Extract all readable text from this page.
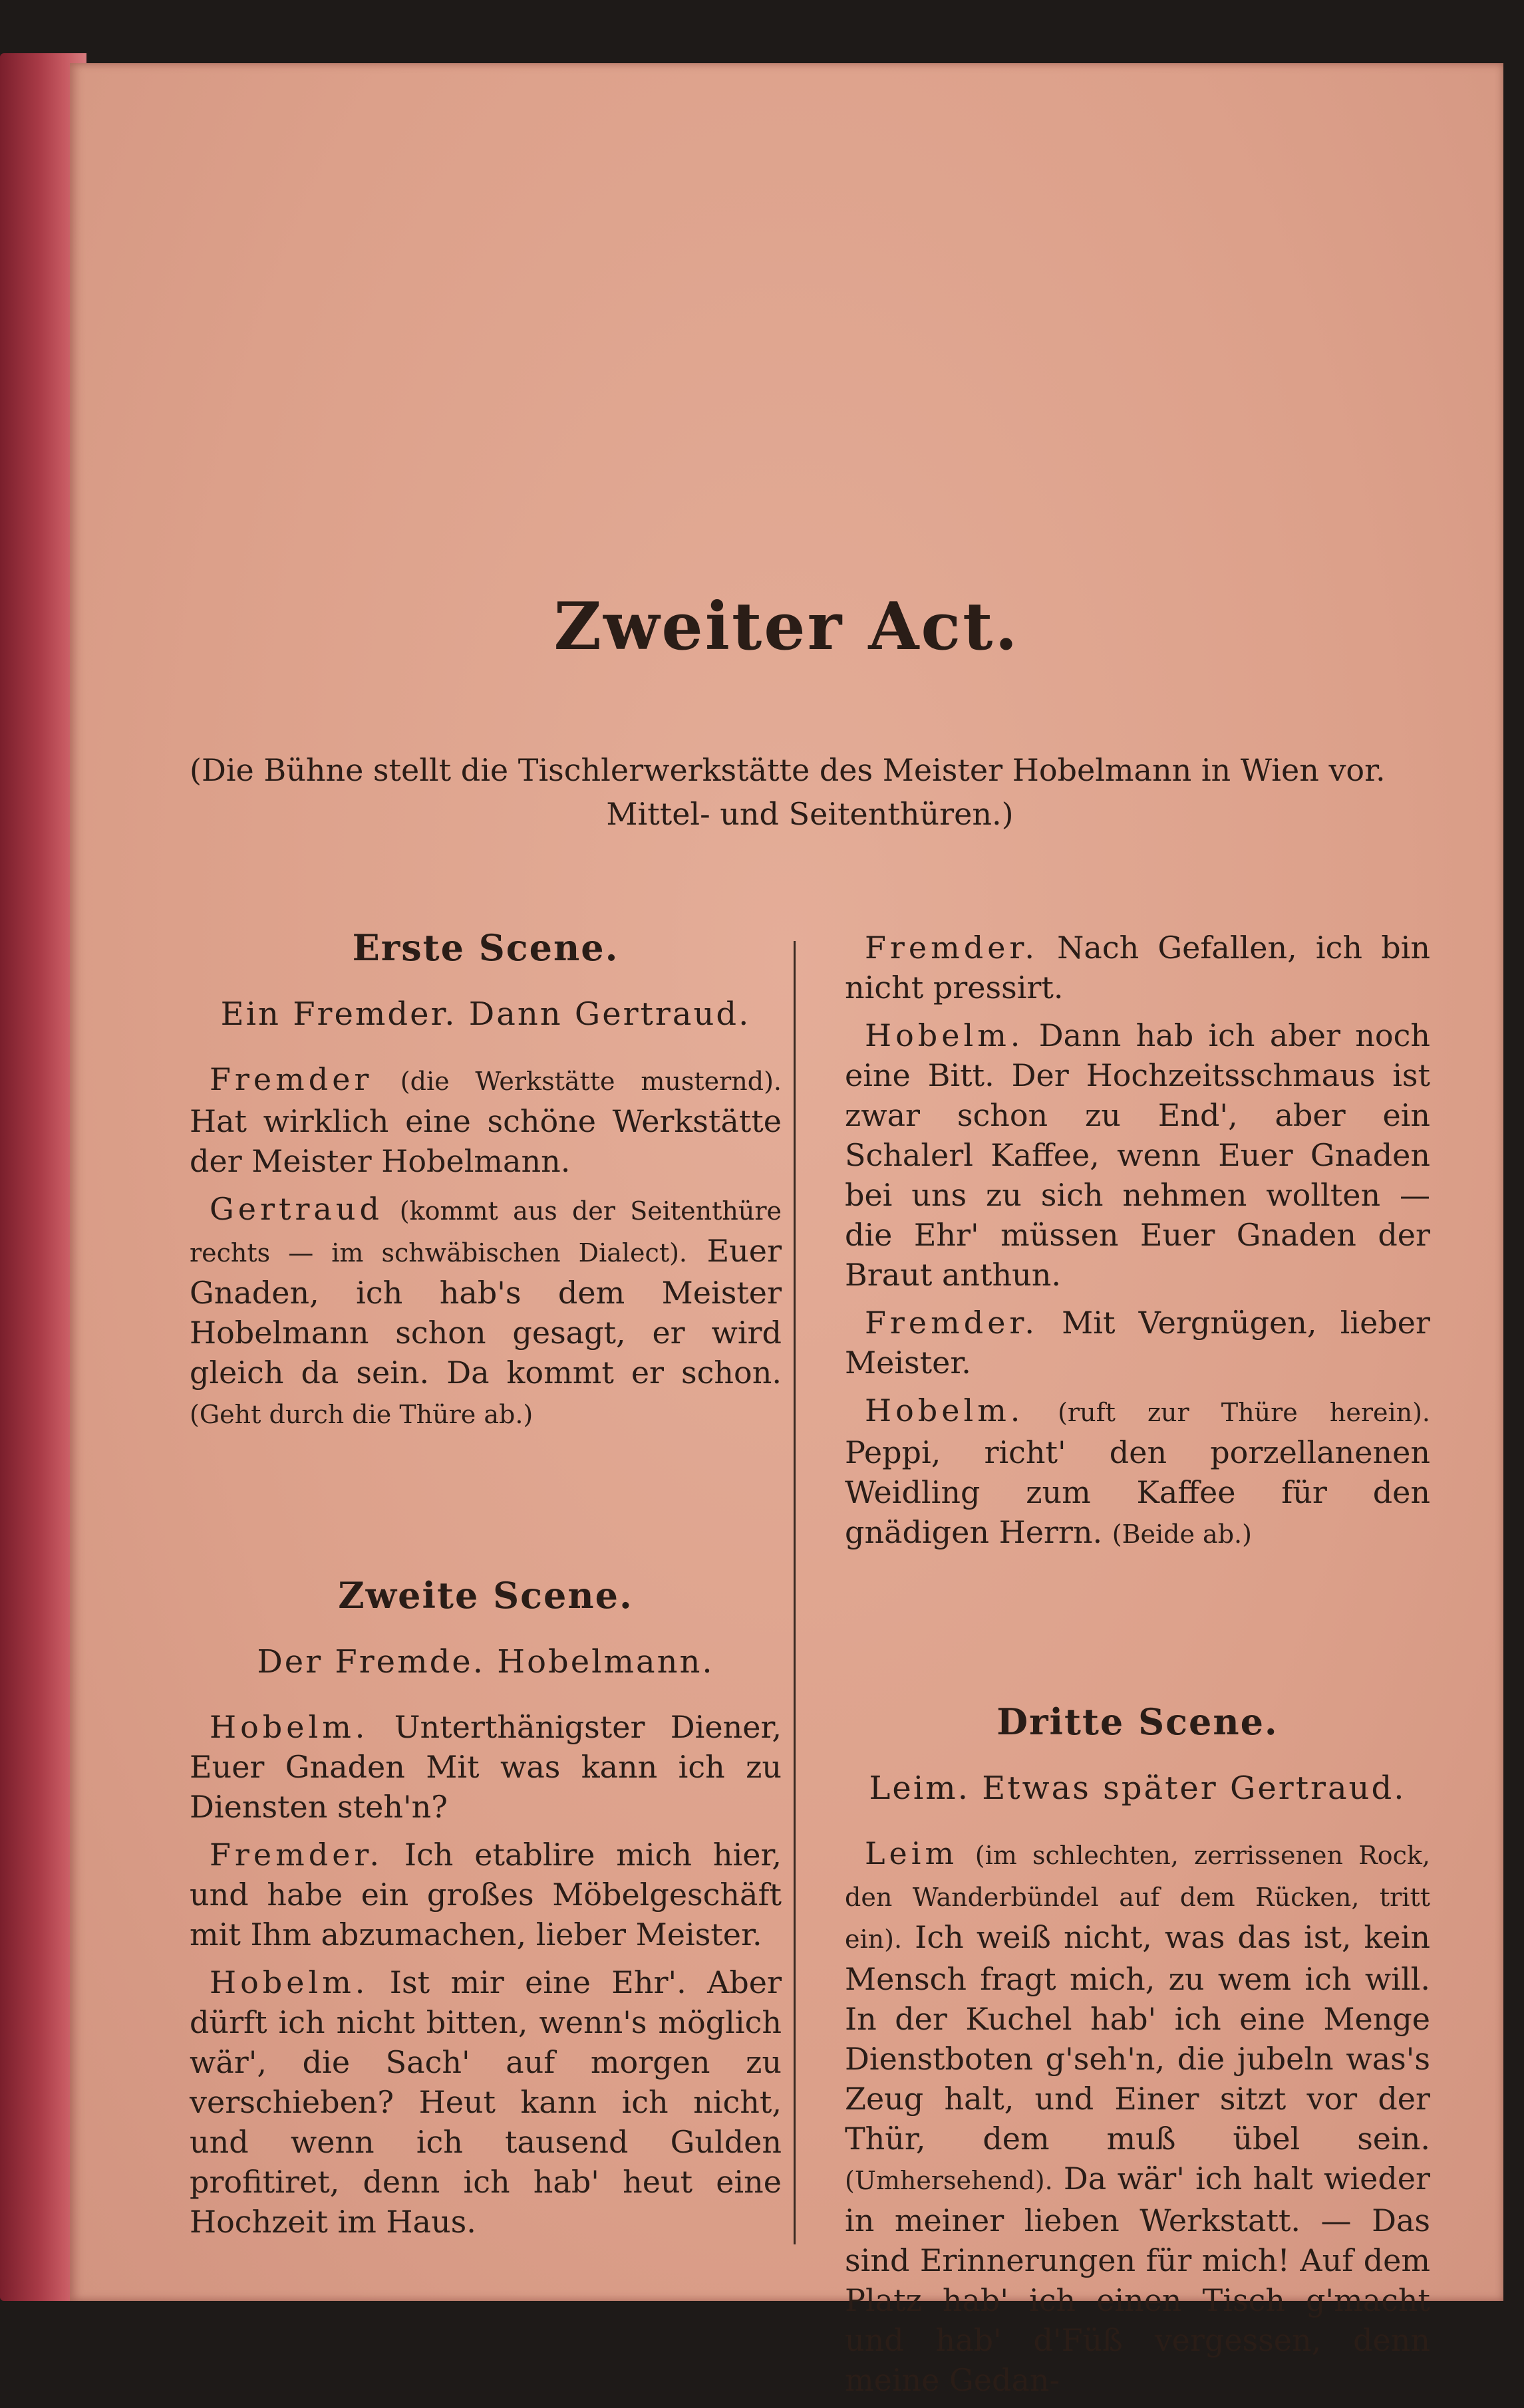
Zweiter Act.
(Die Bühne stellt die Tischlerwerkstätte des Meister Hobelmann in Wien vor.
Mittel- und Seitenthüren.)
Erste Scene.
Ein Fremder. Dann Gertraud.

Fremder (die Werkstätte musternd). Hat wirklich eine schöne Werkstätte der Meister Hobelmann.

Gertraud (kommt aus der Seitenthüre rechts — im schwäbischen Dialect). Euer Gnaden, ich hab's dem Meister Hobelmann schon gesagt, er wird gleich da sein. Da kommt er schon. (Geht durch die Thüre ab.)

Zweite Scene.
Der Fremde. Hobelmann.

Hobelm. Unterthänigster Diener, Euer Gnaden Mit was kann ich zu Diensten steh'n?

Fremder. Ich etablire mich hier, und habe ein großes Möbelgeschäft mit Ihm abzumachen, lieber Meister.

Hobelm. Ist mir eine Ehr'. Aber dürft ich nicht bitten, wenn's möglich wär', die Sach' auf morgen zu verschieben? Heut kann ich nicht, und wenn ich tausend Gulden profitiret, denn ich hab' heut eine Hochzeit im Haus.

Fremder. Nach Gefallen, ich bin nicht pressirt.

Hobelm. Dann hab ich aber noch eine Bitt. Der Hochzeitsschmaus ist zwar schon zu End', aber ein Schalerl Kaffee, wenn Euer Gnaden bei uns zu sich nehmen wollten — die Ehr' müssen Euer Gnaden der Braut anthun.

Fremder. Mit Vergnügen, lieber Meister.

Hobelm. (ruft zur Thüre herein). Peppi, richt' den porzellanenen Weidling zum Kaffee für den gnädigen Herrn. (Beide ab.)

Dritte Scene.
Leim. Etwas später Gertraud.

Leim (im schlechten, zerrissenen Rock, den Wanderbündel auf dem Rücken, tritt ein). Ich weiß nicht, was das ist, kein Mensch fragt mich, zu wem ich will. In der Kuchel hab' ich eine Menge Dienstboten g'seh'n, die jubeln was's Zeug halt, und Einer sitzt vor der Thür, dem muß übel sein. (Umhersehend). Da wär' ich halt wieder in meiner lieben Werkstatt. — Das sind Erinnerungen für mich! Auf dem Platz hab' ich einen Tisch g'macht und hab' d'Füß vergessen, denn meine Gedan-
